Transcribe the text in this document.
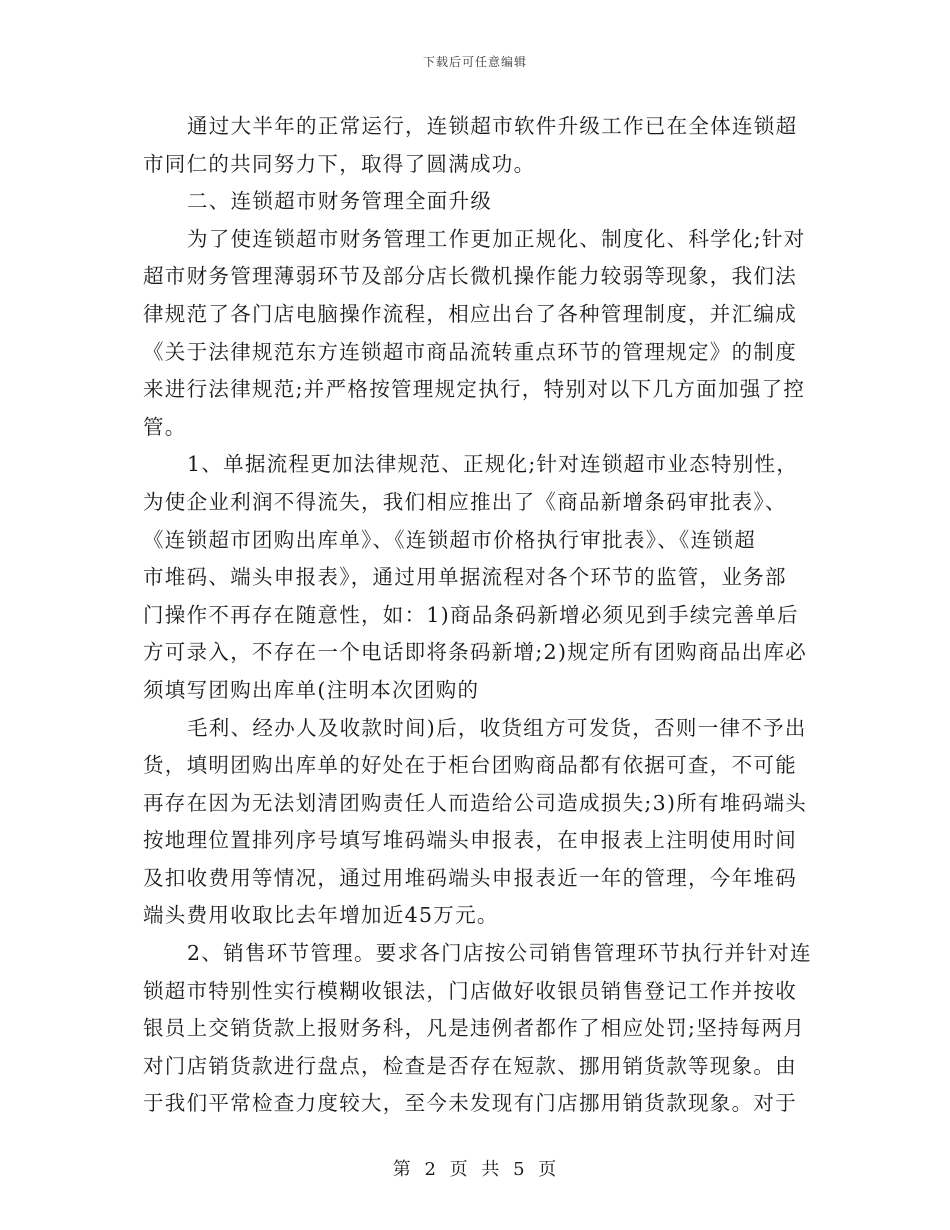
下载后可任意编辑
通过大半年的正常运行，连锁超市软件升级工作已在全体连锁超
市同仁的共同努力下，取得了圆满成功。
二、连锁超市财务管理全面升级
为了使连锁超市财务管理工作更加正规化、制度化、科学化;针对
超市财务管理薄弱环节及部分店长微机操作能力较弱等现象，我们法
律规范了各门店电脑操作流程，相应出台了各种管理制度，并汇编成
《关于法律规范东方连锁超市商品流转重点环节的管理规定》的制度
来进行法律规范;并严格按管理规定执行，特别对以下几方面加强了控
管。
1、单据流程更加法律规范、正规化;针对连锁超市业态特别性，
为使企业利润不得流失，我们相应推出了《商品新增条码审批表》、
《连锁超市团购出库单》、《连锁超市价格执行审批表》、《连锁超
市堆码、端头申报表》，通过用单据流程对各个环节的监管，业务部
门操作不再存在随意性，如：1)商品条码新增必须见到手续完善单后
方可录入，不存在一个电话即将条码新增;2)规定所有团购商品出库必
须填写团购出库单(注明本次团购的
毛利、经办人及收款时间)后，收货组方可发货，否则一律不予出
货，填明团购出库单的好处在于柜台团购商品都有依据可查，不可能
再存在因为无法划清团购责任人而造给公司造成损失;3)所有堆码端头
按地理位置排列序号填写堆码端头申报表，在申报表上注明使用时间
及扣收费用等情况，通过用堆码端头申报表近一年的管理，今年堆码
端头费用收取比去年增加近45万元。
2、销售环节管理。要求各门店按公司销售管理环节执行并针对连
锁超市特别性实行模糊收银法，门店做好收银员销售登记工作并按收
银员上交销货款上报财务科，凡是违例者都作了相应处罚;坚持每两月
对门店销货款进行盘点，检查是否存在短款、挪用销货款等现象。由
于我们平常检查力度较大，至今未发现有门店挪用销货款现象。对于
第 2 页 共 5 页
